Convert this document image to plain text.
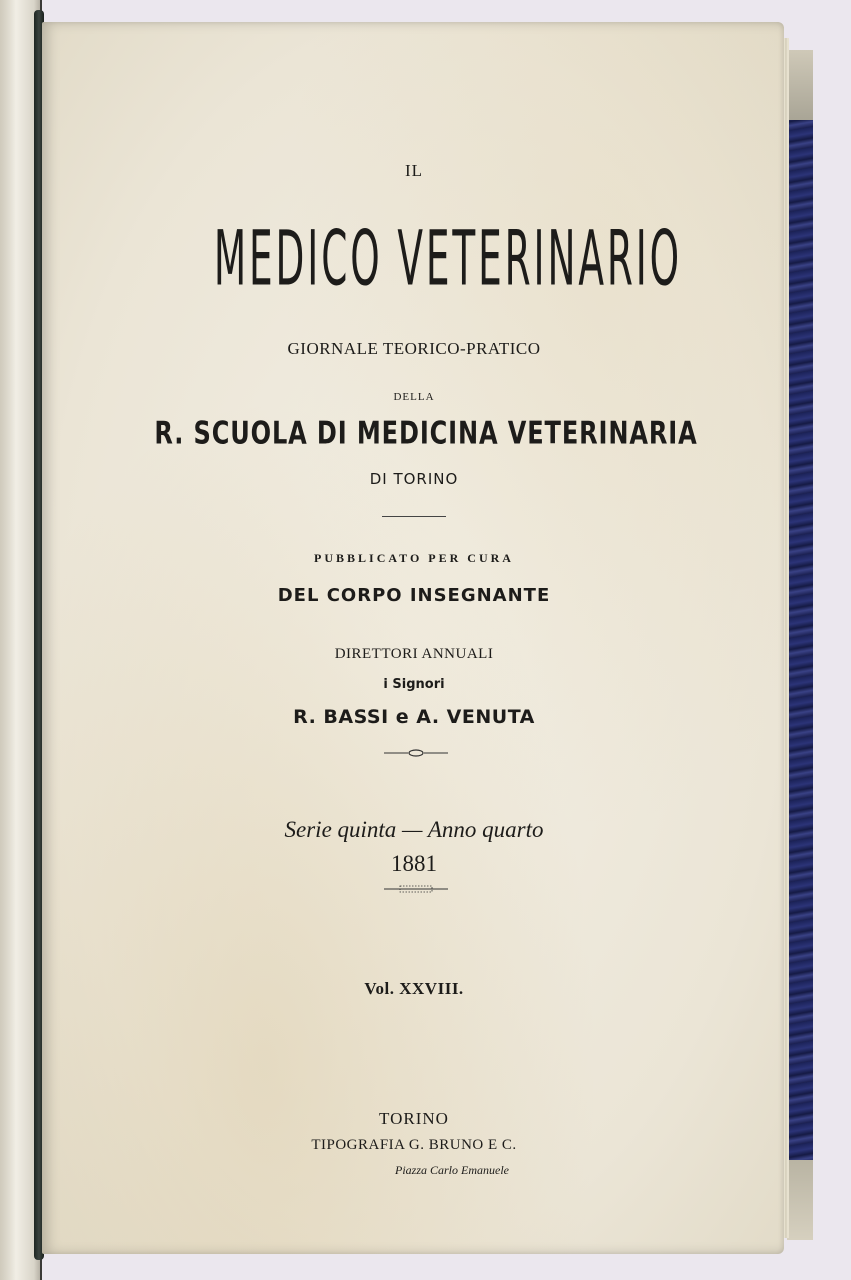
IL

MEDICO VETERINARIO

GIORNALE TEORICO-PRATICO

DELLA

R. SCUOLA DI MEDICINA VETERINARIA

DI TORINO

PUBBLICATO PER CURA

DEL CORPO INSEGNANTE

DIRETTORI ANNUALI

i Signori

R. BASSI e A. VENUTA

Serie quinta — Anno quarto

1881

Vol. XXVIII.

TORINO

TIPOGRAFIA G. BRUNO E C.

Piazza Carlo Emanuele
